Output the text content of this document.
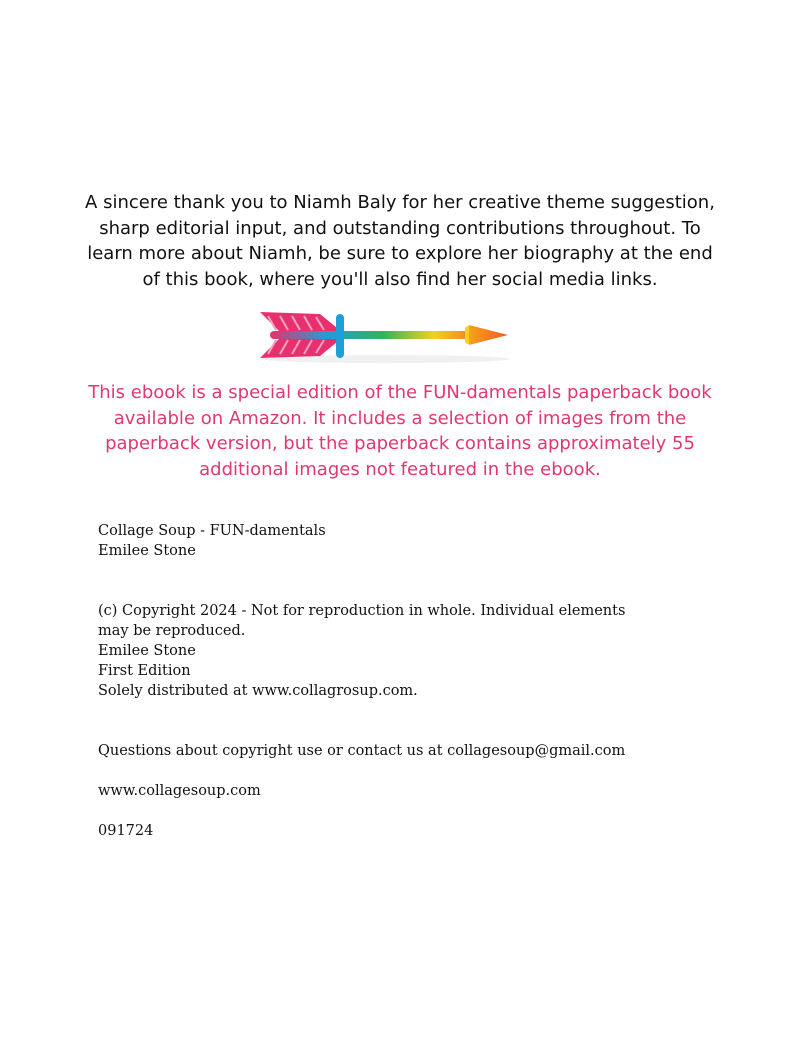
A sincere thank you to Niamh Baly for her creative theme suggestion, sharp editorial input, and outstanding contributions throughout. To learn more about Niamh, be sure to explore her biography at the end of this book, where you'll also find her social media links.

This ebook is a special edition of the FUN-damentals paperback book available on Amazon. It includes a selection of images from the paperback version, but the paperback contains approximately 55 additional images not featured in the ebook.

Collage Soup - FUN-damentals
Emilee Stone
(c) Copyright 2024 - Not for reproduction in whole. Individual elements may be reproduced.
Emilee Stone
First Edition
Solely distributed at www.collagrosup.com.
Questions about copyright use or contact us at collagesoup@gmail.com
www.collagesoup.com
091724
